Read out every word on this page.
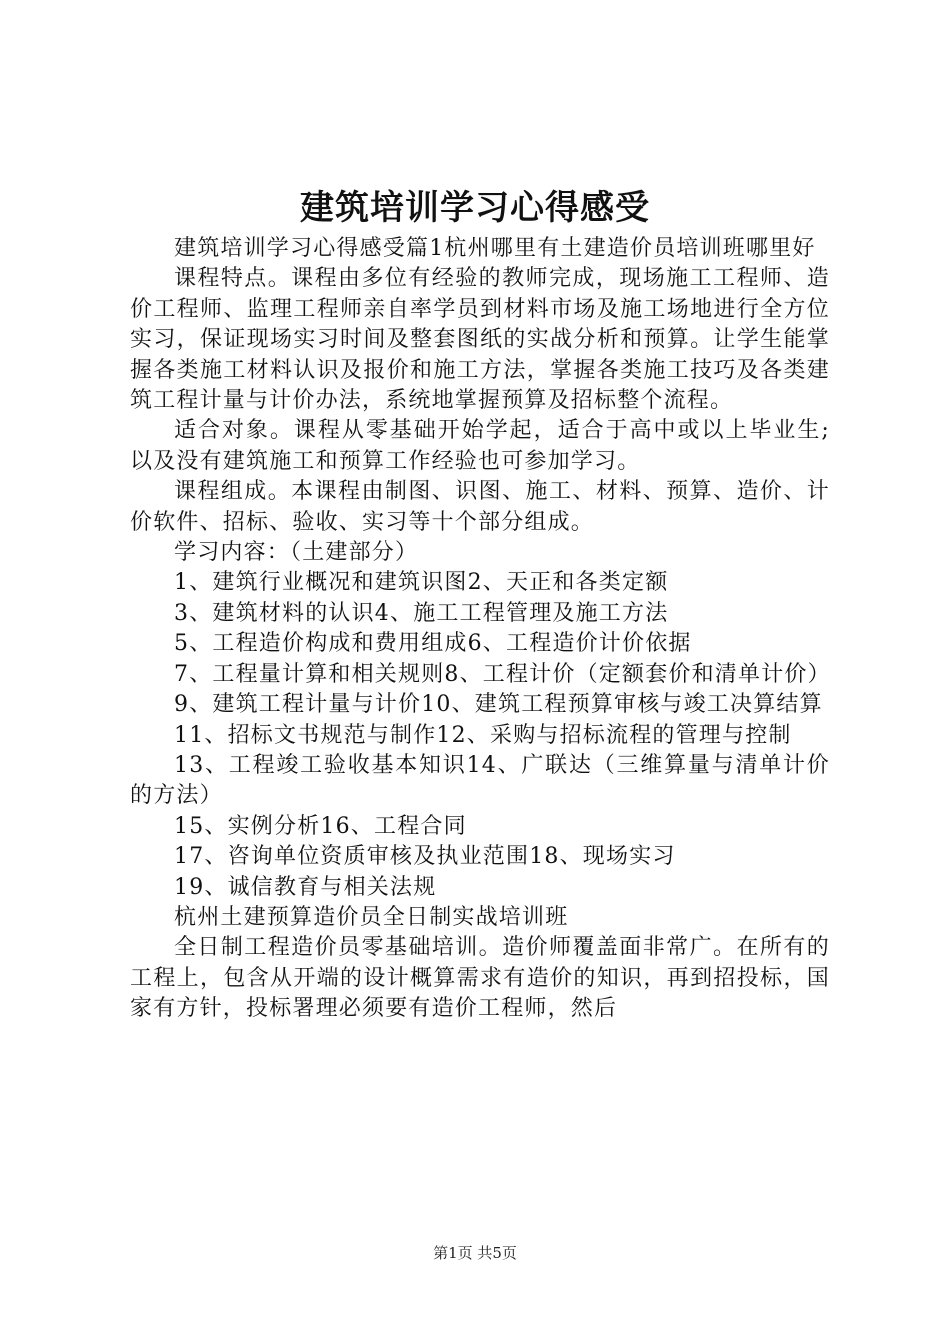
建筑培训学习心得感受

建筑培训学习心得感受篇1杭州哪里有土建造价员培训班哪里好

课程特点。课程由多位有经验的教师完成，现场施工工程师、造价工程师、监理工程师亲自率学员到材料市场及施工场地进行全方位实习，保证现场实习时间及整套图纸的实战分析和预算。让学生能掌握各类施工材料认识及报价和施工方法，掌握各类施工技巧及各类建筑工程计量与计价办法，系统地掌握预算及招标整个流程。

适合对象。课程从零基础开始学起，适合于高中或以上毕业生;以及没有建筑施工和预算工作经验也可参加学习。

课程组成。本课程由制图、识图、施工、材料、预算、造价、计价软件、招标、验收、实习等十个部分组成。

学习内容：（土建部分）

1、建筑行业概况和建筑识图2、天正和各类定额

3、建筑材料的认识4、施工工程管理及施工方法

5、工程造价构成和费用组成6、工程造价计价依据

7、工程量计算和相关规则8、工程计价（定额套价和清单计价）

9、建筑工程计量与计价10、建筑工程预算审核与竣工决算结算

11、招标文书规范与制作12、采购与招标流程的管理与控制

13、工程竣工验收基本知识14、广联达（三维算量与清单计价的方法）

15、实例分析16、工程合同

17、咨询单位资质审核及执业范围18、现场实习

19、诚信教育与相关法规

杭州土建预算造价员全日制实战培训班

全日制工程造价员零基础培训。造价师覆盖面非常广。在所有的工程上，包含从开端的设计概算需求有造价的知识，再到招投标，国家有方针，投标署理必须要有造价工程师，然后

第1页 共5页
